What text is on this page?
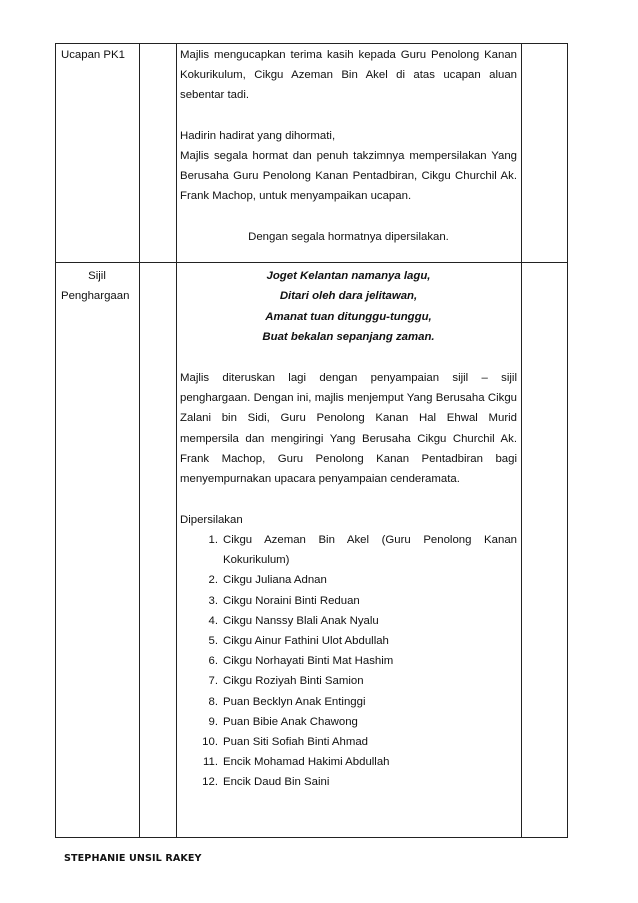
Ucapan PK1	Majlis mengucapkan terima kasih kepada Guru Penolong Kanan Kokurikulum, Cikgu Azeman Bin Akel di atas ucapan aluan sebentar tadi.
Hadirin hadirat yang dihormati,
Majlis segala hormat dan penuh takzimnya mempersilakan Yang Berusaha Guru Penolong Kanan Pentadbiran, Cikgu Churchil Ak. Frank Machop, untuk menyampaikan ucapan.
Dengan segala hormatnya dipersilakan.
Sijil
Penghargaan
Joget Kelantan namanya lagu,
Ditari oleh dara jelitawan,
Amanat tuan ditunggu-tunggu,
Buat bekalan sepanjang zaman.
Majlis diteruskan lagi dengan penyampaian sijil – sijil penghargaan. Dengan ini, majlis menjemput Yang Berusaha Cikgu Zalani bin Sidi, Guru Penolong Kanan Hal Ehwal Murid mempersila dan mengiringi Yang Berusaha Cikgu Churchil Ak. Frank Machop, Guru Penolong Kanan Pentadbiran bagi menyempurnakan upacara penyampaian cenderamata.
Dipersilakan
1. Cikgu Azeman Bin Akel (Guru Penolong Kanan Kokurikulum)
2. Cikgu Juliana Adnan
3. Cikgu Noraini Binti Reduan
4. Cikgu Nanssy Blali Anak Nyalu
5. Cikgu Ainur Fathini Ulot Abdullah
6. Cikgu Norhayati Binti Mat Hashim
7. Cikgu Roziyah Binti Samion
8. Puan Becklyn Anak Entinggi
9. Puan Bibie Anak Chawong
10. Puan Siti Sofiah Binti Ahmad
11. Encik Mohamad Hakimi Abdullah
12. Encik Daud Bin Saini
STEPHANIE UNSIL RAKEY
